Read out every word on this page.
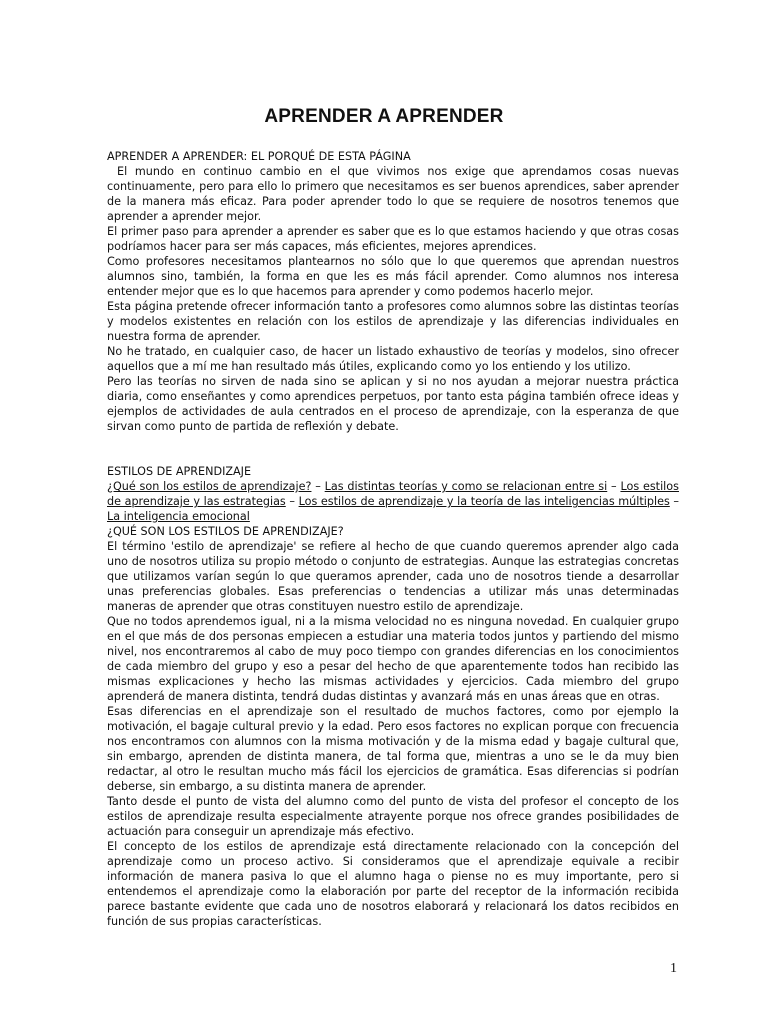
APRENDER A APRENDER

APRENDER A APRENDER: EL PORQUÉ DE ESTA PÁGINA

El mundo en continuo cambio en el que vivimos nos exige que aprendamos cosas nuevas continuamente, pero para ello lo primero que necesitamos es ser buenos aprendices, saber aprender de la manera más eficaz. Para poder aprender todo lo que se requiere de nosotros tenemos que aprender a aprender mejor.

El primer paso para aprender a aprender es saber que es lo que estamos haciendo y que otras cosas podríamos hacer para ser más capaces, más eficientes, mejores aprendices.

Como profesores necesitamos plantearnos no sólo que lo que queremos que aprendan nuestros alumnos sino, también, la forma en que les es más fácil aprender. Como alumnos nos interesa entender mejor que es lo que hacemos para aprender y como podemos hacerlo mejor.

Esta página pretende ofrecer información tanto a profesores como alumnos sobre las distintas teorías y modelos existentes en relación con los estilos de aprendizaje y las diferencias individuales en nuestra forma de aprender.

No he tratado, en cualquier caso, de hacer un listado exhaustivo de teorías y modelos, sino ofrecer aquellos que a mí me han resultado más útiles, explicando como yo los entiendo y los utilizo.

Pero las teorías no sirven de nada sino se aplican y si no nos ayudan a mejorar nuestra práctica diaria, como enseñantes y como aprendices perpetuos, por tanto esta página también ofrece ideas y ejemplos de actividades de aula centrados en el proceso de aprendizaje, con la esperanza de que sirvan como punto de partida de reflexión y debate.

ESTILOS DE APRENDIZAJE

¿Qué son los estilos de aprendizaje? – Las distintas teorías y como se relacionan entre si – Los estilos de aprendizaje y las estrategias – Los estilos de aprendizaje y la teoría de las inteligencias múltiples – La inteligencia emocional

¿QUÉ SON LOS ESTILOS DE APRENDIZAJE?

El término 'estilo de aprendizaje' se refiere al hecho de que cuando queremos aprender algo cada uno de nosotros utiliza su propio método o conjunto de estrategias. Aunque las estrategias concretas que utilizamos varían según lo que queramos aprender, cada uno de nosotros tiende a desarrollar unas preferencias globales. Esas preferencias o tendencias a utilizar más unas determinadas maneras de aprender que otras constituyen nuestro estilo de aprendizaje.

Que no todos aprendemos igual, ni a la misma velocidad no es ninguna novedad. En cualquier grupo en el que más de dos personas empiecen a estudiar una materia todos juntos y partiendo del mismo nivel, nos encontraremos al cabo de muy poco tiempo con grandes diferencias en los conocimientos de cada miembro del grupo y eso a pesar del hecho de que aparentemente todos han recibido las mismas explicaciones y hecho las mismas actividades y ejercicios. Cada miembro del grupo aprenderá de manera distinta, tendrá dudas distintas y avanzará más en unas áreas que en otras.

Esas diferencias en el aprendizaje son el resultado de muchos factores, como por ejemplo la motivación, el bagaje cultural previo y la edad. Pero esos factores no explican porque con frecuencia nos encontramos con alumnos con la misma motivación y de la misma edad y bagaje cultural que, sin embargo, aprenden de distinta manera, de tal forma que, mientras a uno se le da muy bien redactar, al otro le resultan mucho más fácil los ejercicios de gramática. Esas diferencias si podrían deberse, sin embargo, a su distinta manera de aprender.

Tanto desde el punto de vista del alumno como del punto de vista del profesor el concepto de los estilos de aprendizaje resulta especialmente atrayente porque nos ofrece grandes posibilidades de actuación para conseguir un aprendizaje más efectivo.

El concepto de los estilos de aprendizaje está directamente relacionado con la concepción del aprendizaje como un proceso activo. Si consideramos que el aprendizaje equivale a recibir información de manera pasiva lo que el alumno haga o piense no es muy importante, pero si entendemos el aprendizaje como la elaboración por parte del receptor de la información recibida parece bastante evidente que cada uno de nosotros elaborará y relacionará los datos recibidos en función de sus propias características.

1
